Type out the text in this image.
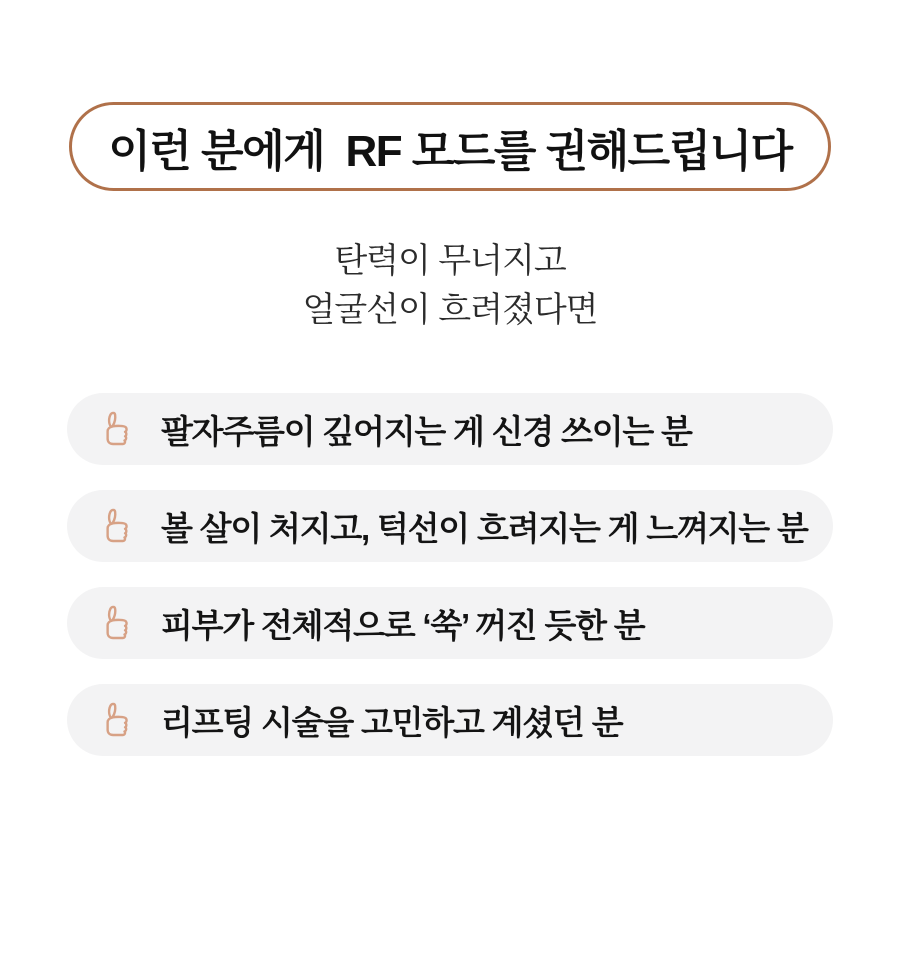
이런 분에게  RF 모드를 권해드립니다
탄력이 무너지고
얼굴선이 흐려졌다면
팔자주름이 깊어지는 게 신경 쓰이는 분
볼 살이 처지고, 턱선이 흐려지는 게 느껴지는 분
피부가 전체적으로 ‘쑥’ 꺼진 듯한 분
리프팅 시술을 고민하고 계셨던 분
